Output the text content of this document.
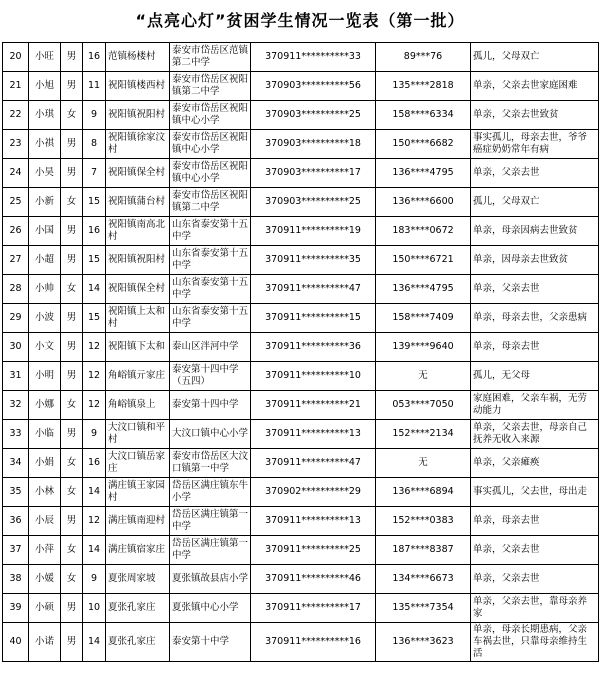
“点亮心灯”贫困学生情况一览表（第一批）
20	小旺	男	16	范镇杨楼村	泰安市岱岳区范镇第二中学	370911**********33	89***76	孤儿，父母双亡
21	小旭	男	11	祝阳镇楼西村	泰安市岱岳区祝阳镇第二中学	370903**********56	135****2818	单亲，父亲去世家庭困难
22	小琪	女	9	祝阳镇祝阳村	泰安市岱岳区祝阳镇中心小学	370903**********25	158****6334	单亲，父亲去世致贫
23	小祺	男	8	祝阳镇徐家汶村	泰安市岱岳区祝阳镇中心小学	370903**********18	150****6682	事实孤儿，母亲去世，爷爷癌症奶奶常年有病
24	小昊	男	7	祝阳镇保全村	泰安市岱岳区祝阳镇中心小学	370903**********17	136****4795	单亲，父亲去世
25	小新	女	15	祝阳镇蒲台村	泰安市岱岳区祝阳镇第二中学	370903**********25	136****6600	孤儿，父母双亡
26	小国	男	16	祝阳镇南高北村	山东省泰安第十五中学	370911**********19	183****0672	单亲，母亲因病去世致贫
27	小超	男	15	祝阳镇祝阳村	山东省泰安第十五中学	370911**********35	150****6721	单亲，因母亲去世致贫
28	小帅	女	14	祝阳镇保全村	山东省泰安第十五中学	370911**********47	136****4795	单亲，父亲去世
29	小波	男	15	祝阳镇上太和村	山东省泰安第十五中学	370911**********15	158****7409	单亲，母亲去世，父亲患病
30	小文	男	12	祝阳镇下太和	泰山区泮河中学	370911**********36	139****9640	单亲，母亲去世
31	小明	男	12	角峪镇亓家庄	泰安第十四中学（五四）	370911**********10	无	孤儿，无父母
32	小娜	女	12	角峪镇泉上	泰安第十四中学	370911**********21	053****7050	家庭困难，父亲车祸，无劳动能力
33	小临	男	9	大汶口镇和平村	大汶口镇中心小学	370911**********13	152****2134	单亲，父亲去世，母亲自己抚养无收入来源
34	小娟	女	16	大汶口镇岳家庄	泰安市岱岳区大汶口镇第一中学	370911**********47	无	单亲，父亲瘫痪
35	小林	女	14	满庄镇王家园村	岱岳区满庄镇东牛小学	370902**********29	136****6894	事实孤儿，父去世，母出走
36	小辰	男	12	满庄镇南迎村	岱岳区满庄镇第一中学	370911**********13	152****0383	单亲，母亲去世
37	小萍	女	14	满庄镇宿家庄	岱岳区满庄镇第一中学	370911**********25	187****8387	单亲，父亲去世
38	小媛	女	9	夏张周家坡	夏张镇故县店小学	370911**********46	134****6673	单亲，父亲去世
39	小硕	男	10	夏张孔家庄	夏张镇中心小学	370911**********17	135****7354	单亲，父亲去世，靠母亲养家
40	小诺	男	14	夏张孔家庄	泰安第十中学	370911**********16	136****3623	单亲，母亲长期患病，父亲车祸去世，只靠母亲维持生活
